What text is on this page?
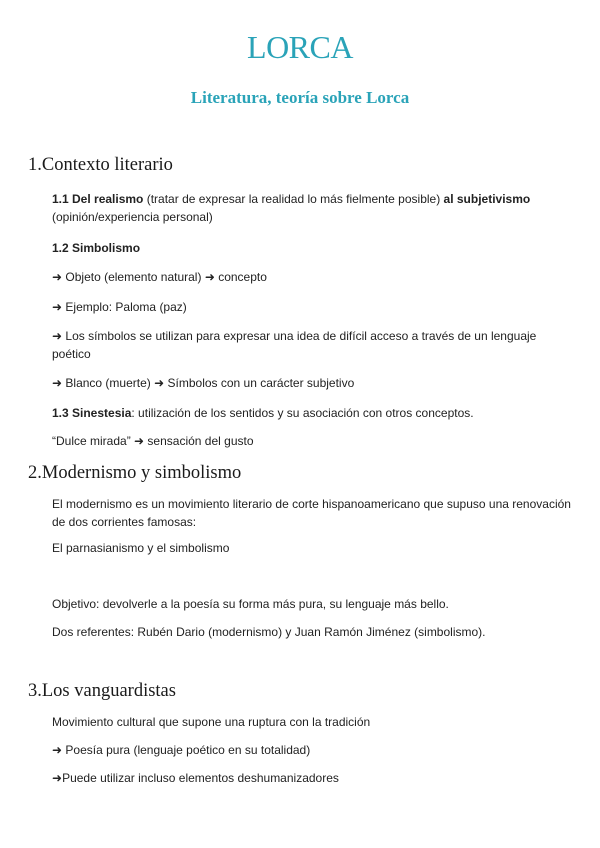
LORCA
Literatura, teoría sobre Lorca
1.Contexto literario
1.1 Del realismo (tratar de expresar la realidad lo más fielmente posible) al subjetivismo
(opinión/experiencia personal)
1.2 Simbolismo
➜ Objeto (elemento natural) ➜ concepto
➜ Ejemplo: Paloma (paz)
➜ Los símbolos se utilizan para expresar una idea de difícil acceso a través de un lenguaje poético
➜ Blanco (muerte) ➜ Símbolos con un carácter subjetivo
1.3 Sinestesia: utilización de los sentidos y su asociación con otros conceptos.
“Dulce mirada” ➜ sensación del gusto
2.Modernismo y simbolismo
El modernismo es un movimiento literario de corte hispanoamericano que supuso una renovación de dos corrientes famosas:
El parnasianismo y el simbolismo
Objetivo: devolverle a la poesía su forma más pura, su lenguaje más bello.
Dos referentes: Rubén Dario (modernismo) y Juan Ramón Jiménez (simbolismo).
3.Los vanguardistas
Movimiento cultural que supone una ruptura con la tradición
➜ Poesía pura (lenguaje poético en su totalidad)
➜Puede utilizar incluso elementos deshumanizadores
